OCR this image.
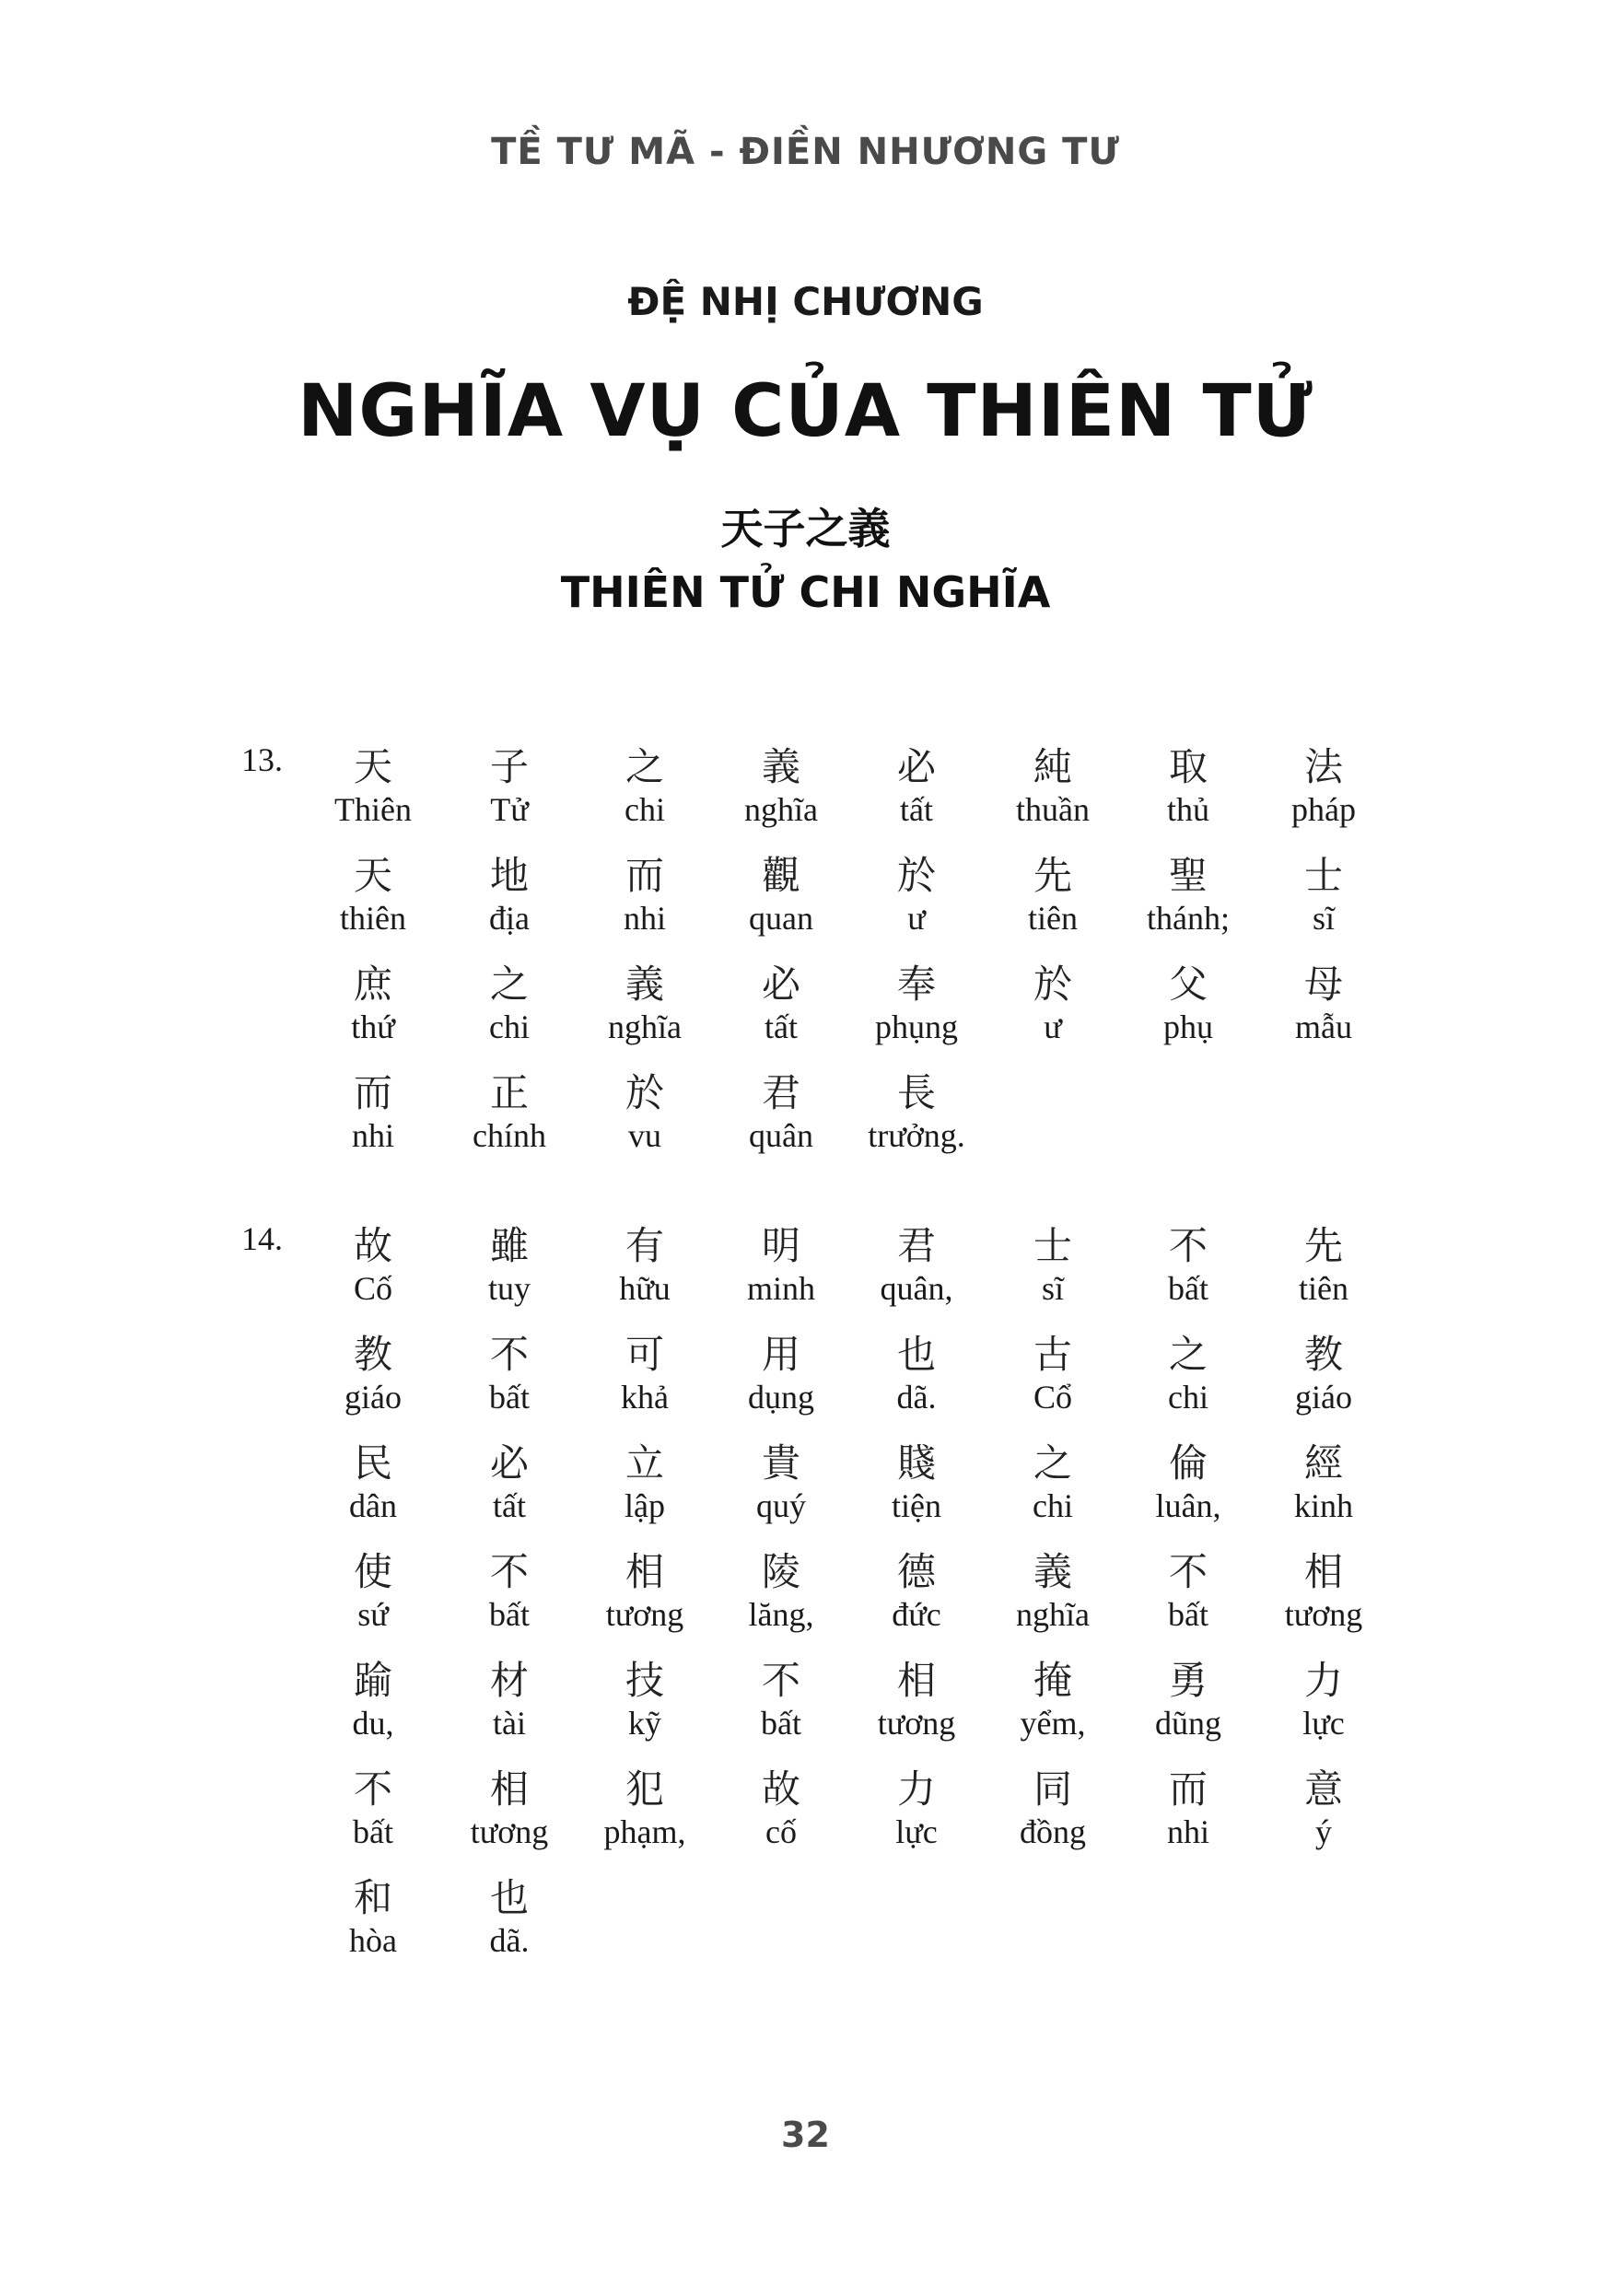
TỀ TƯ MÃ - ĐIỀN NHƯƠNG TƯ
ĐỆ NHỊ CHƯƠNG
NGHĨA VỤ CỦA THIÊN TỬ
天子之義
THIÊN TỬ CHI NGHĨA
13.	天	子	之	義	必	純	取	法
Thiên	Tử	chi	nghĩa	tất	thuần	thủ	pháp
天	地	而	觀	於	先	聖	士
thiên	địa	nhi	quan	ư	tiên	thánh;	sĩ
庶	之	義	必	奉	於	父	母
thứ	chi	nghĩa	tất	phụng	ư	phụ	mẫu
而	正	於	君	長
nhi	chính	vu	quân	trưởng.
14.	故	雖	有	明	君	士	不	先
Cố	tuy	hữu	minh	quân,	sĩ	bất	tiên
教	不	可	用	也	古	之	教
giáo	bất	khả	dụng	dã.	Cổ	chi	giáo
民	必	立	貴	賤	之	倫	經
dân	tất	lập	quý	tiện	chi	luân,	kinh
使	不	相	陵	德	義	不	相
sứ	bất	tương	lăng,	đức	nghĩa	bất	tương
踰	材	技	不	相	掩	勇	力
du,	tài	kỹ	bất	tương	yểm,	dũng	lực
不	相	犯	故	力	同	而	意
bất	tương	phạm,	cố	lực	đồng	nhi	ý
和	也
hòa	dã.
32
